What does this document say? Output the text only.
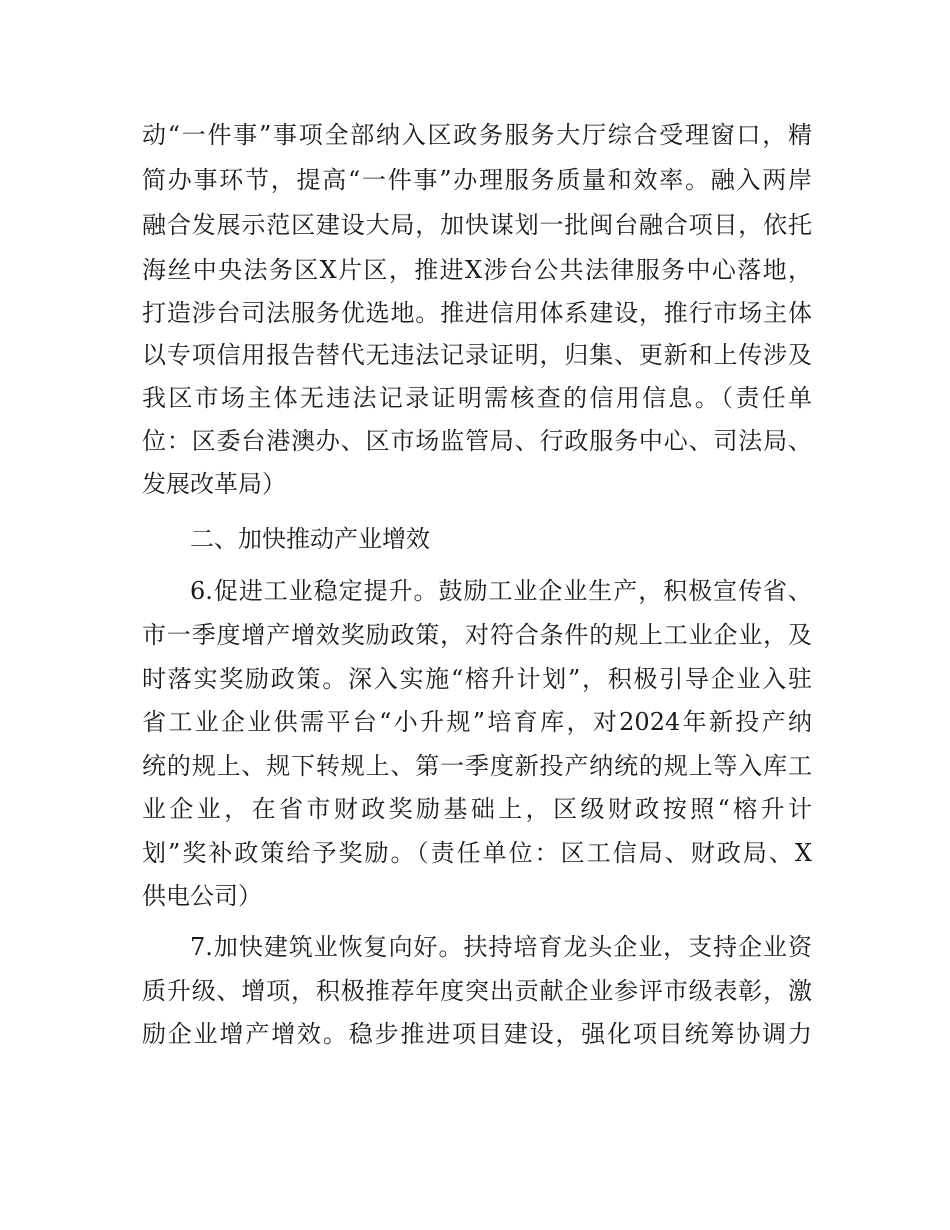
动“一件事”事项全部纳入区政务服务大厅综合受理窗口，精
简办事环节，提高“一件事”办理服务质量和效率。融入两岸
融合发展示范区建设大局，加快谋划一批闽台融合项目，依托
海丝中央法务区X片区，推进X涉台公共法律服务中心落地，
打造涉台司法服务优选地。推进信用体系建设，推行市场主体
以专项信用报告替代无违法记录证明，归集、更新和上传涉及
我区市场主体无违法记录证明需核查的信用信息。（责任单
位：区委台港澳办、区市场监管局、行政服务中心、司法局、
发展改革局）
二、加快推动产业增效
6.促进工业稳定提升。鼓励工业企业生产，积极宣传省、
市一季度增产增效奖励政策，对符合条件的规上工业企业，及
时落实奖励政策。深入实施“榕升计划”，积极引导企业入驻
省工业企业供需平台“小升规”培育库，对2024年新投产纳
统的规上、规下转规上、第一季度新投产纳统的规上等入库工
业企业，在省市财政奖励基础上，区级财政按照“榕升计
划”奖补政策给予奖励。（责任单位：区工信局、财政局、X
供电公司）
7.加快建筑业恢复向好。扶持培育龙头企业，支持企业资
质升级、增项，积极推荐年度突出贡献企业参评市级表彰，激
励企业增产增效。稳步推进项目建设，强化项目统筹协调力
